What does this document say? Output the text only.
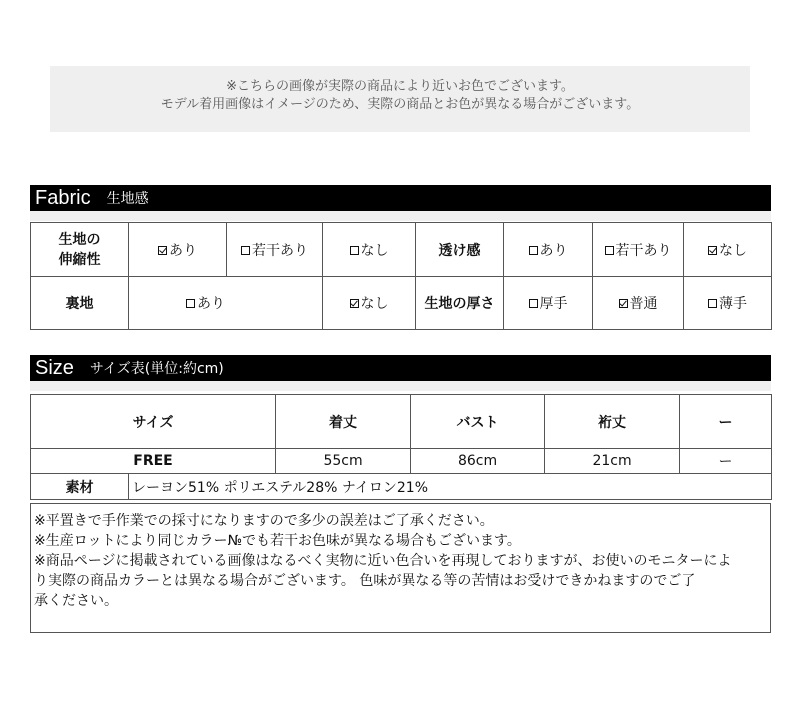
※こちらの画像が実際の商品により近いお色でございます。
モデル着用画像はイメージのため、実際の商品とお色が異なる場合がございます。
Fabric 生地感
生地の
伸縮性	あり	若干あり	なし	透け感	あり	若干あり	なし
裏地	あり		なし	生地の厚さ	厚手	普通	薄手
Size サイズ表(単位:約cm)
サイズ		着丈	バスト	裄丈	ー
FREE		55cm	86cm	21cm	ー
素材	レーヨン51% ポリエステル28% ナイロン21%				

※平置きで手作業での採寸になりますので多少の誤差はご了承ください。

※生産ロットにより同じカラー№でも若干お色味が異なる場合もございます。

※商品ページに掲載されている画像はなるべく実物に近い色合いを再現しておりますが、お使いのモニターによ

り実際の商品カラーとは異なる場合がございます。 色味が異なる等の苦情はお受けできかねますのでご了

承ください。
